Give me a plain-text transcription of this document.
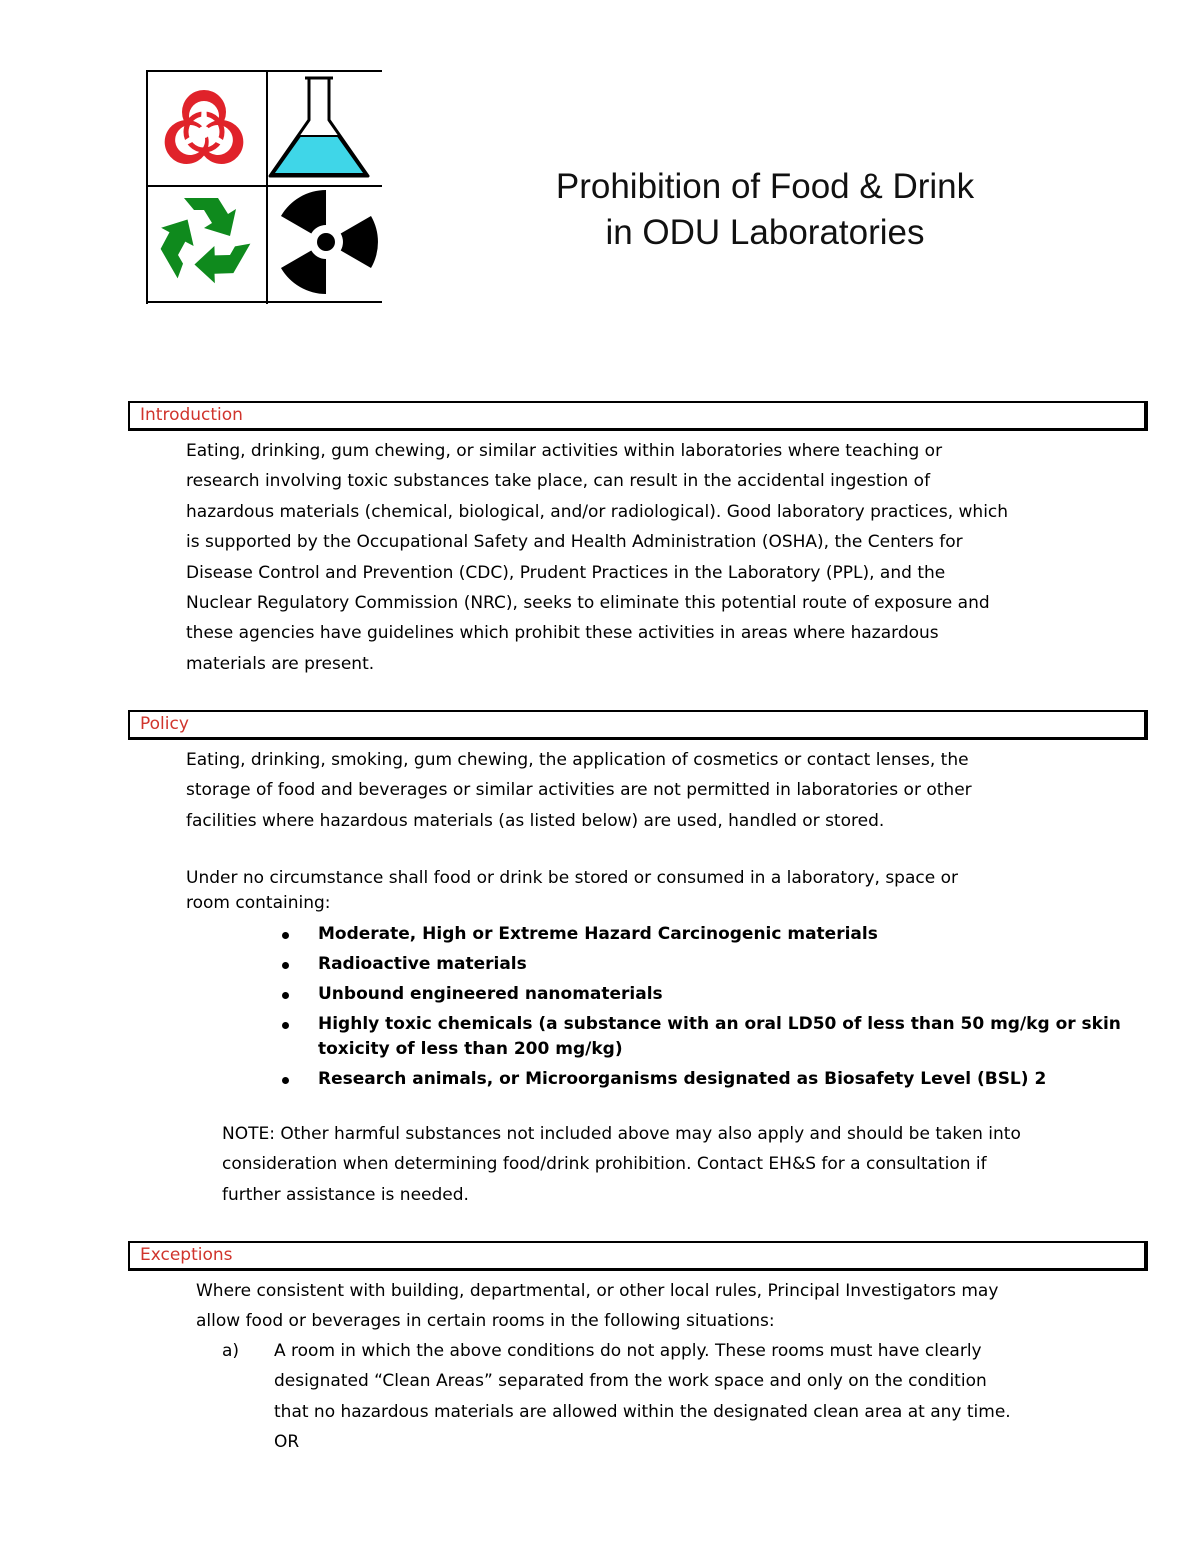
Prohibition of Food & Drink
in ODU Laboratories
Introduction
Eating, drinking, gum chewing, or similar activities within laboratories where teaching or
research involving toxic substances take place, can result in the accidental ingestion of
hazardous materials (chemical, biological, and/or radiological). Good laboratory practices, which
is supported by the Occupational Safety and Health Administration (OSHA), the Centers for
Disease Control and Prevention (CDC), Prudent Practices in the Laboratory (PPL), and the
Nuclear Regulatory Commission (NRC), seeks to eliminate this potential route of exposure and
these agencies have guidelines which prohibit these activities in areas where hazardous
materials are present.
Policy
Eating, drinking, smoking, gum chewing, the application of cosmetics or contact lenses, the
storage of food and beverages or similar activities are not permitted in laboratories or other
facilities where hazardous materials (as listed below) are used, handled or stored.
Under no circumstance shall food or drink be stored or consumed in a laboratory, space or
room containing:
Moderate, High or Extreme Hazard Carcinogenic materials
Radioactive materials
Unbound engineered nanomaterials
Highly toxic chemicals (a substance with an oral LD50 of less than 50 mg/kg or skin
toxicity of less than 200 mg/kg)
Research animals, or Microorganisms designated as Biosafety Level (BSL) 2
NOTE: Other harmful substances not included above may also apply and should be taken into
consideration when determining food/drink prohibition. Contact EH&S for a consultation if
further assistance is needed.
Exceptions
Where consistent with building, departmental, or other local rules, Principal Investigators may
allow food or beverages in certain rooms in the following situations:
a) A room in which the above conditions do not apply. These rooms must have clearly
designated “Clean Areas” separated from the work space and only on the condition
that no hazardous materials are allowed within the designated clean area at any time.
OR
